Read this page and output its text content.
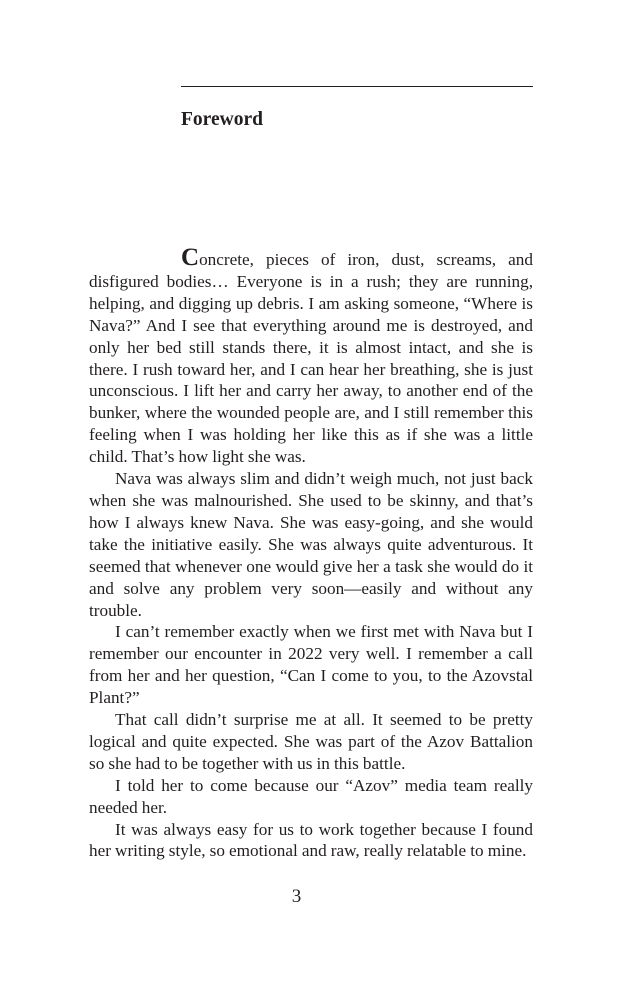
Foreword

Concrete, pieces of iron, dust, screams, and disfigured bodies… Everyone is in a rush; they are running, helping, and digging up debris. I am asking someone, “Where is Nava?” And I see that everything around me is destroyed, and only her bed still stands there, it is almost intact, and she is there. I rush toward her, and I can hear her breathing, she is just unconscious. I lift her and carry her away, to another end of the bunker, where the wounded people are, and I still remember this feeling when I was holding her like this as if she was a little child. That’s how light she was.

Nava was always slim and didn’t weigh much, not just back when she was malnourished. She used to be skinny, and that’s how I always knew Nava. She was easy-going, and she would take the initiative easily. She was always quite adventurous. It seemed that whenever one would give her a task she would do it and solve any problem very soon—easily and without any trouble.

I can’t remember exactly when we first met with Nava but I remember our encounter in 2022 very well. I remember a call from her and her question, “Can I come to you, to the Azovstal Plant?”

That call didn’t surprise me at all. It seemed to be pretty logical and quite expected. She was part of the Azov Battalion so she had to be together with us in this battle.

I told her to come because our “Azov” media team really needed her.

It was always easy for us to work together because I found her writing style, so emotional and raw, really relatable to mine.

3
